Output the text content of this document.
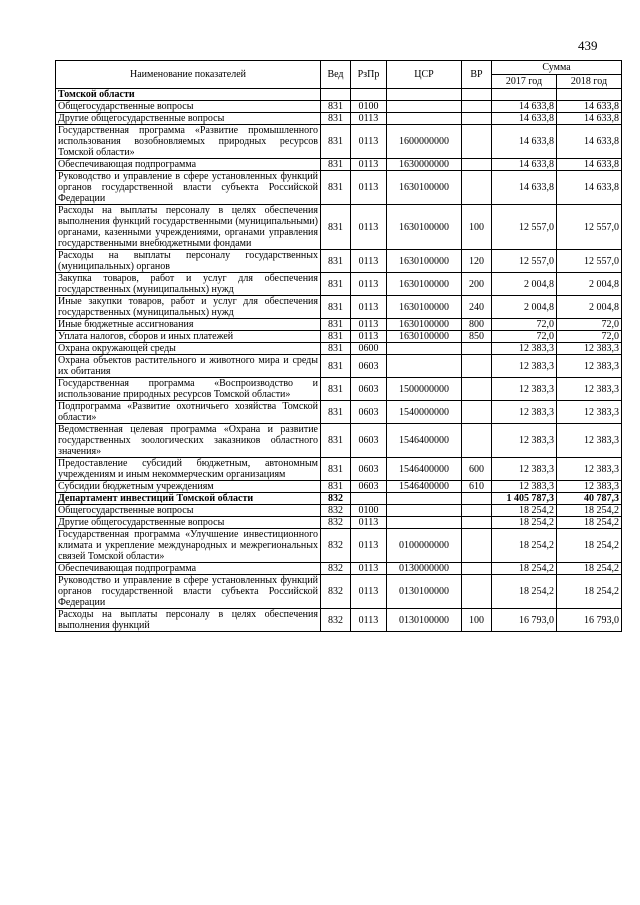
439
Наименование показателей	Вед	РзПр	ЦСР	ВР	Сумма	
					2017 год	2018 год
Томской области						
Общегосударственные вопросы	831	0100			14 633,8	14 633,8
Другие общегосударственные вопросы	831	0113			14 633,8	14 633,8
Государственная программа «Развитие промышленного использования возобновляемых природных ресурсов Томской области»	831	0113	1600000000		14 633,8	14 633,8
Обеспечивающая подпрограмма	831	0113	1630000000		14 633,8	14 633,8
Руководство и управление в сфере установленных функций органов государственной власти субъекта Российской Федерации	831	0113	1630100000		14 633,8	14 633,8
Расходы на выплаты персоналу в целях обеспечения выполнения функций государственными (муниципальными) органами, казенными учреждениями, органами управления государственными внебюджетными фондами	831	0113	1630100000	100	12 557,0	12 557,0
Расходы на выплаты персоналу государственных (муниципальных) органов	831	0113	1630100000	120	12 557,0	12 557,0
Закупка товаров, работ и услуг для обеспечения государственных (муниципальных) нужд	831	0113	1630100000	200	2 004,8	2 004,8
Иные закупки товаров, работ и услуг для обеспечения государственных (муниципальных) нужд	831	0113	1630100000	240	2 004,8	2 004,8
Иные бюджетные ассигнования	831	0113	1630100000	800	72,0	72,0
Уплата налогов, сборов и иных платежей	831	0113	1630100000	850	72,0	72,0
Охрана окружающей среды	831	0600			12 383,3	12 383,3
Охрана объектов растительного и животного мира и среды их обитания	831	0603			12 383,3	12 383,3
Государственная программа «Воспроизводство и использование природных ресурсов Томской области»	831	0603	1500000000		12 383,3	12 383,3
Подпрограмма «Развитие охотничьего хозяйства Томской области»	831	0603	1540000000		12 383,3	12 383,3
Ведомственная целевая программа «Охрана и развитие государственных зоологических заказников областного значения»	831	0603	1546400000		12 383,3	12 383,3
Предоставление субсидий бюджетным, автономным учреждениям и иным некоммерческим организациям	831	0603	1546400000	600	12 383,3	12 383,3
Субсидии бюджетным учреждениям	831	0603	1546400000	610	12 383,3	12 383,3
Департамент инвестиций Томской области	832				1 405 787,3	40 787,3
Общегосударственные вопросы	832	0100			18 254,2	18 254,2
Другие общегосударственные вопросы	832	0113			18 254,2	18 254,2
Государственная программа «Улучшение инвестиционного климата и укрепление международных и межрегиональных связей Томской области»	832	0113	0100000000		18 254,2	18 254,2
Обеспечивающая подпрограмма	832	0113	0130000000		18 254,2	18 254,2
Руководство и управление в сфере установленных функций органов государственной власти субъекта Российской Федерации	832	0113	0130100000		18 254,2	18 254,2
Расходы на выплаты персоналу в целях обеспечения выполнения функций	832	0113	0130100000	100	16 793,0	16 793,0
